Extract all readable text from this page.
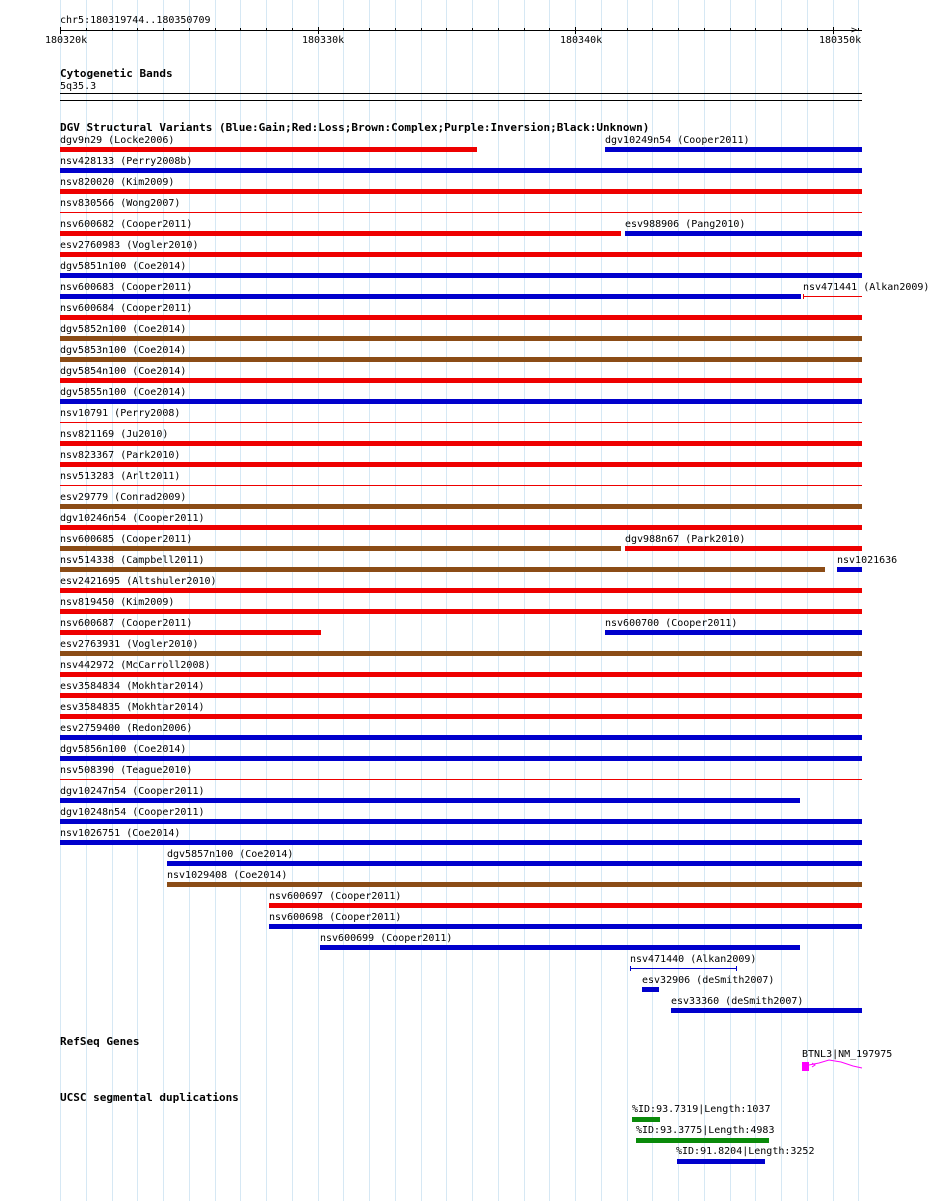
chr5:180319744..180350709
>
180320k	180330k	180340k	180350k
Cytogenetic Bands
5q35.3
DGV Structural Variants (Blue:Gain;Red:Loss;Brown:Complex;Purple:Inversion;Black:Unknown)
dgv9n29 (Locke2006)	dgv10249n54 (Cooper2011)
nsv428133 (Perry2008b)
nsv820020 (Kim2009)
nsv830566 (Wong2007)
nsv600682 (Cooper2011)	esv988906 (Pang2010)
esv2760983 (Vogler2010)
dgv5851n100 (Coe2014)
nsv600683 (Cooper2011)	nsv471441 (Alkan2009)
nsv600684 (Cooper2011)
dgv5852n100 (Coe2014)
dgv5853n100 (Coe2014)
dgv5854n100 (Coe2014)
dgv5855n100 (Coe2014)
nsv10791 (Perry2008)
nsv821169 (Ju2010)
nsv823367 (Park2010)
nsv513283 (Arlt2011)
esv29779 (Conrad2009)
dgv10246n54 (Cooper2011)
nsv600685 (Cooper2011)	dgv988n67 (Park2010)
nsv514338 (Campbell2011)	nsv1021636
esv2421695 (Altshuler2010)
nsv819450 (Kim2009)
nsv600687 (Cooper2011)	nsv600700 (Cooper2011)
esv2763931 (Vogler2010)
nsv442972 (McCarroll2008)
esv3584834 (Mokhtar2014)
esv3584835 (Mokhtar2014)
esv2759400 (Redon2006)
dgv5856n100 (Coe2014)
nsv508390 (Teague2010)
dgv10247n54 (Cooper2011)
dgv10248n54 (Cooper2011)
nsv1026751 (Coe2014)
dgv5857n100 (Coe2014)
nsv1029408 (Coe2014)
nsv600697 (Cooper2011)
nsv600698 (Cooper2011)
nsv600699 (Cooper2011)
nsv471440 (Alkan2009)
esv32906 (deSmith2007)
esv33360 (deSmith2007)
RefSeq Genes
BTNL3|NM_197975
UCSC segmental duplications
%ID:93.7319|Length:1037
%ID:93.3775|Length:4983
%ID:91.8204|Length:3252
